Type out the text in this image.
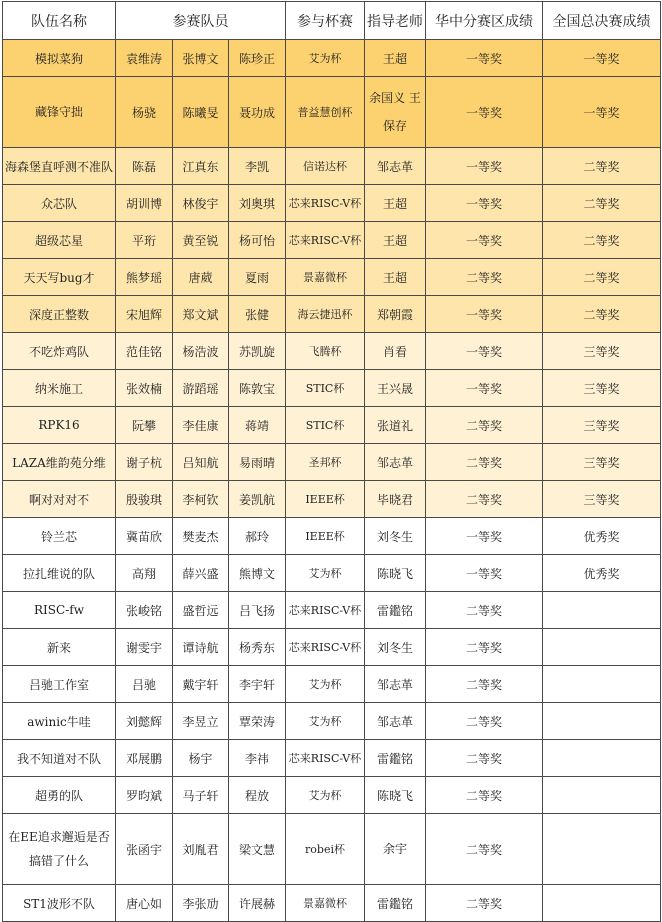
队伍名称	参赛队员			参与杯赛	指导老师	华中分赛区成绩	全国总决赛成绩
模拟菜狗	袁维涛	张博文	陈珍正	艾为杯	王超	一等奖	一等奖
藏锋守拙	杨骁	陈曦旻	聂功成	普益慧创杯	余国义 王保存	一等奖	一等奖
海森堡直呼测不准队	陈磊	江真东	李凯	信诺达杯	邹志革	一等奖	二等奖
众芯队	胡训博	林俊宇	刘奥琪	芯来RISC-V杯	王超	一等奖	二等奖
超级芯星	平珩	黄至锐	杨可怡	芯来RISC-V杯	王超	一等奖	二等奖
天天写bug才	熊梦瑶	唐葳	夏雨	景嘉微杯	王超	二等奖	二等奖
深度正整数	宋旭辉	郑文斌	张健	海云捷迅杯	郑朝霞	一等奖	二等奖
不吃炸鸡队	范佳铭	杨浩波	苏凯旋	飞腾杯	肖看	一等奖	三等奖
纳米施工	张效楠	游蹈瑶	陈敦宝	STIC杯	王兴晟	一等奖	三等奖
RPK16	阮攀	李佳康	蒋靖	STIC杯	张道礼	二等奖	三等奖
LAZA维韵苑分维	谢子杭	吕知航	易雨晴	圣邦杯	邹志革	二等奖	三等奖
啊对对对不	殷骏琪	李柯钦	姜凯航	IEEE杯	毕晓君	二等奖	三等奖
铃兰芯	冀苗欣	樊麦杰	郝玲	IEEE杯	刘冬生	一等奖	优秀奖
拉扎维说的队	高翔	薛兴盛	熊博文	艾为杯	陈晓飞	一等奖	优秀奖
RISC-fw	张峻铭	盛哲远	吕飞扬	芯来RISC-V杯	雷鑑铭	二等奖	
新来	谢雯宇	谭诗航	杨秀东	芯来RISC-V杯	刘冬生	二等奖	
吕驰工作室	吕驰	戴宇轩	李宇轩	艾为杯	邹志革	二等奖	
awinic牛哇	刘懿辉	李昱立	覃荣涛	艾为杯	邹志革	二等奖	
我不知道对不队	邓展鹏	杨宇	李祎	芯来RISC-V杯	雷鑑铭	二等奖	
超勇的队	罗昀斌	马子轩	程放	艾为杯	陈晓飞	二等奖	
在EE追求邂逅是否搞错了什么	张函宇	刘胤君	梁文慧	robei杯	余宇	二等奖	
ST1波形不队	唐心如	李张劢	许展赫	景嘉微杯	雷鑑铭	二等奖	
